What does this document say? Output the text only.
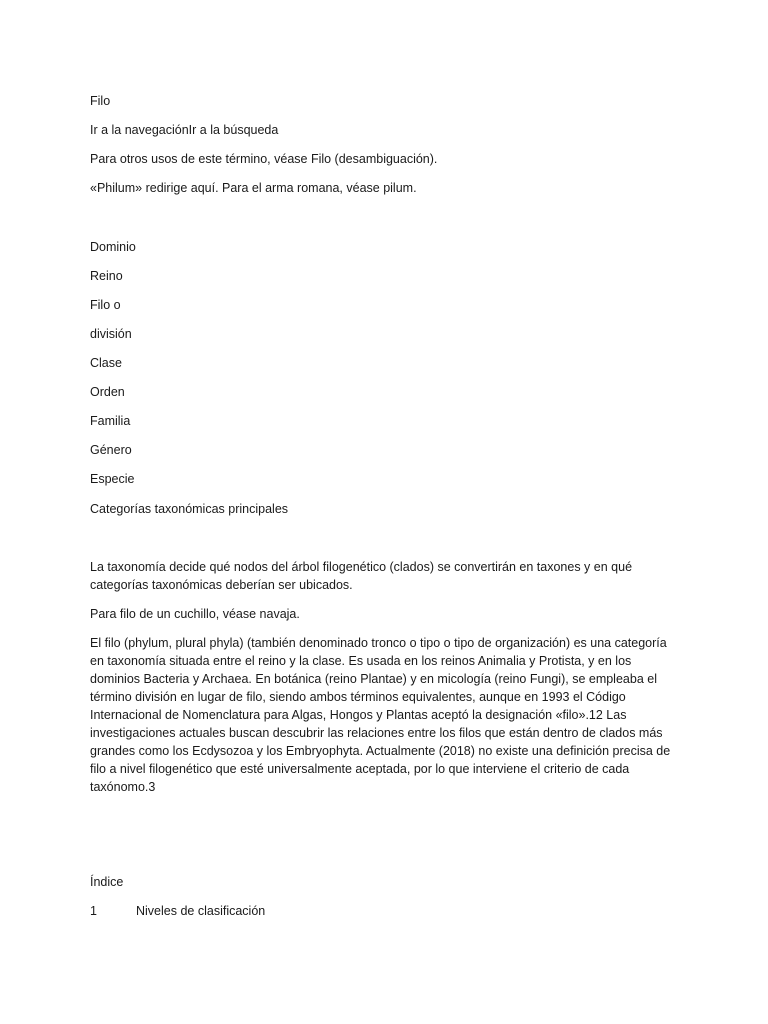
Filo

Ir a la navegaciónIr a la búsqueda

Para otros usos de este término, véase Filo (desambiguación).

«Philum» redirige aquí. Para el arma romana, véase pilum.

Dominio

Reino

Filo o

división

Clase

Orden

Familia

Género

Especie

Categorías taxonómicas principales

La taxonomía decide qué nodos del árbol filogenético (clados) se convertirán en taxones y en qué categorías taxonómicas deberían ser ubicados.

Para filo de un cuchillo, véase navaja.

El filo (phylum, plural phyla) (también denominado tronco o tipo o tipo de organización) es una categoría en taxonomía situada entre el reino y la clase. Es usada en los reinos Animalia y Protista, y en los dominios Bacteria y Archaea. En botánica (reino Plantae) y en micología (reino Fungi), se empleaba el término división en lugar de filo, siendo ambos términos equivalentes, aunque en 1993 el Código Internacional de Nomenclatura para Algas, Hongos y Plantas aceptó la designación «filo».12 Las investigaciones actuales buscan descubrir las relaciones entre los filos que están dentro de clados más grandes como los Ecdysozoa y los Embryophyta. Actualmente (2018) no existe una definición precisa de filo a nivel filogenético que esté universalmente aceptada, por lo que interviene el criterio de cada taxónomo.3

Índice

1	Niveles de clasificación
